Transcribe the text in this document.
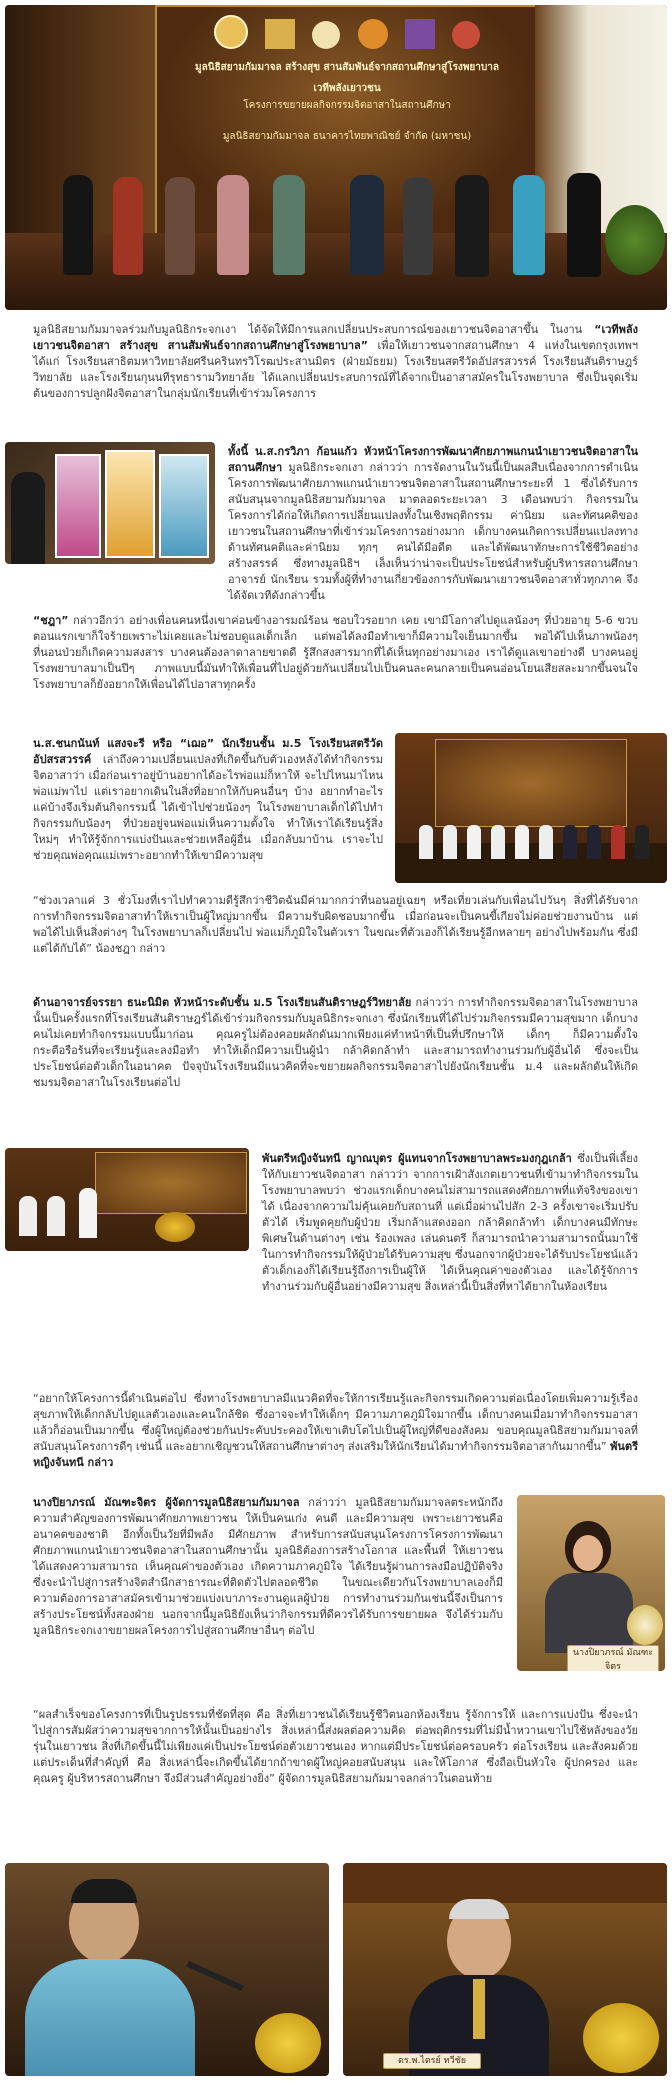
มูลนิธิสยามกัมมาจล สร้างสุข สานสัมพันธ์จากสถานศึกษาสู่โรงพยาบาล
เวทีพลังเยาวชน
โครงการขยายผลกิจกรรมจิตอาสาในสถานศึกษา
มูลนิธิสยามกัมมาจล ธนาคารไทยพาณิชย์ จำกัด (มหาชน)

มูลนิธิสยามกัมมาจลร่วมกับมูลนิธิกระจกเงา ได้จัดให้มีการแลกเปลี่ยนประสบการณ์ของเยาวชนจิตอาสาขึ้น ในงาน “เวทีพลังเยาวชนจิตอาสา สร้างสุข สานสัมพันธ์จากสถานศึกษาสู่โรงพยาบาล” เพื่อให้เยาวชนจากสถานศึกษา 4 แห่งในเขตกรุงเทพฯ ได้แก่ โรงเรียนสาธิตมหาวิทยาลัยศรีนครินทรวิโรฒประสานมิตร (ฝ่ายมัธยม) โรงเรียนสตรีวัดอัปสรสวรรค์ โรงเรียนสันติราษฎร์วิทยาลัย และโรงเรียนกุนนทีรุทธารามวิทยาลัย ได้แลกเปลี่ยนประสบการณ์ที่ได้จากเป็นอาสาสมัครในโรงพยาบาล ซึ่งเป็นจุดเริ่มต้นของการปลูกฝังจิตอาสาในกลุ่มนักเรียนที่เข้าร่วมโครงการ

ทั้งนี้ น.ส.กรวิภา ก้อนแก้ว หัวหน้าโครงการพัฒนาศักยภาพแกนนำเยาวชนจิตอาสาในสถานศึกษา มูลนิธิกระจกเงา กล่าวว่า การจัดงานในวันนี้เป็นผลสืบเนื่องจากการดำเนินโครงการพัฒนาศักยภาพแกนนำเยาวชนจิตอาสาในสถานศึกษาระยะที่ 1 ซึ่งได้รับการสนับสนุนจากมูลนิธิสยามกัมมาจล มาตลอดระยะเวลา 3 เดือนพบว่า กิจกรรมในโครงการได้ก่อให้เกิดการเปลี่ยนแปลงทั้งในเชิงพฤติกรรม ค่านิยม และทัศนคติของเยาวชนในสถานศึกษาที่เข้าร่วมโครงการอย่างมาก เด็กบางคนเกิดการเปลี่ยนแปลงทางด้านทัศนคติและค่านิยม ทุกๆ คนได้มีอดีต และได้พัฒนาทักษะการใช้ชีวิตอย่างสร้างสรรค์ ซึ่งทางมูลนิธิฯ เล็งเห็นว่าน่าจะเป็นประโยชน์สำหรับผู้บริหารสถานศึกษา อาจารย์ นักเรียน รวมทั้งผู้ที่ทำงานเกี่ยวข้องการกับพัฒนาเยาวชนจิตอาสาทั่วทุกภาค จึงได้จัดเวทีดังกล่าวขึ้น

“ชฎา” กล่าวอีกว่า อย่างเพื่อนคนหนึ่งเขาค่อนข้างอารมณ์ร้อน ชอบใวรอยาก เคย เขามีโอกาสไปดูแลน้องๆ ที่ป่วยอายุ 5-6 ขวบ ตอนแรกเขาก็ใจร้ายเพราะไม่เคยและไม่ชอบดูแลเด็กเล็ก แต่พอได้ลงมือทำเขาก็มีความใจเย็นมากขึ้น พอได้ไปเห็นภาพน้องๆ ที่นอนป่วยก็เกิดความสงสาร บางคนต้องลาดาลายขาดดี รู้สึกสงสารมากที่ได้เห็นทุกอย่างมาเอง เราได้ดูแลเขาอย่างดี บางคนอยู่โรงพยาบาลมาเป็นปีๆ ภาพแบบนี้มันทำให้เพื่อนที่ไปอยู่ด้วยกันเปลี่ยนไปเป็นคนละคนกลายเป็นคนอ่อนโยนเสียสละมากขึ้นจนใจโรงพยาบาลก็ยังอยากให้เพื่อนได้ไปอาสาทุกครั้ง

น.ส.ชนกนันท์ แสงจะรี หรือ “เฌอ” นักเรียนชั้น ม.5 โรงเรียนสตรีวัดอัปสรสวรรค์ เล่าถึงความเปลี่ยนแปลงที่เกิดขึ้นกับตัวเองหลังได้ทำกิจกรรมจิตอาสาว่า เมื่อก่อนเราอยู่บ้านอยากได้อะไรพ่อแม่ก็หาให้ จะไปไหนมาไหนพ่อแม่พาไป แต่เราอยากเดินในสิ่งที่อยากให้กับคนอื่นๆ บ้าง อยากทำอะไรแค่บ้างจึงเริ่มต้นกิจกรรมนี้ ได้เข้าไปช่วยน้องๆ ในโรงพยาบาลเด็กได้ไปทำกิจกรรมกับน้องๆ ที่ป่วยอยู่จนพ่อแม่เห็นความตั้งใจ ทำให้เราได้เรียนรู้สิ่งใหม่ๆ ทำให้รู้จักการแบ่งปันและช่วยเหลือผู้อื่น เมื่อกลับมาบ้าน เราจะไปช่วยคุณพ่อคุณแม่เพราะอยากทำให้เขามีความสุข

“ช่วงเวลาแค่ 3 ชั่วโมงที่เราไปทำความดีรู้สึกว่าชีวิตฉันมีค่ามากกว่าที่นอนอยู่เฉยๆ หรือเที่ยวเล่นกับเพื่อนไปวันๆ สิ่งที่ได้รับจากการทำกิจกรรมจิตอาสาทำให้เราเป็นผู้ใหญ่มากขึ้น มีความรับผิดชอบมากขึ้น เมื่อก่อนจะเป็นคนขี้เกียจไม่ค่อยช่วยงานบ้าน แต่พอได้ไปเห็นสิ่งต่างๆ ในโรงพยาบาลก็เปลี่ยนไป พ่อแม่ก็ภูมิใจในตัวเรา ในขณะที่ตัวเองก็ได้เรียนรู้อีกหลายๆ อย่างไปพร้อมกัน ซึ่งมีแต่ได้กับได้” น้องชฎา กล่าว

ด้านอาจารย์จรรยา ธนะนิมิต หัวหน้าระดับชั้น ม.5 โรงเรียนสันติราษฎร์วิทยาลัย กล่าวว่า การทำกิจกรรมจิตอาสาในโรงพยาบาลนั้นเป็นครั้งแรกที่โรงเรียนสันติราษฎร์ได้เข้าร่วมกิจกรรมกับมูลนิธิกระจกเงา ซึ่งนักเรียนที่ได้ไปร่วมกิจกรรมมีความสุขมาก เด็กบางคนไม่เคยทำกิจกรรมแบบนี้มาก่อน คุณครูไม่ต้องคอยผลักดันมากเพียงแค่ทำหน้าที่เป็นที่ปรึกษาให้ เด็กๆ ก็มีความตั้งใจ กระตือรือร้นที่จะเรียนรู้และลงมือทำ ทำให้เด็กมีความเป็นผู้นำ กล้าคิดกล้าทำ และสามารถทำงานร่วมกับผู้อื่นได้ ซึ่งจะเป็นประโยชน์ต่อตัวเด็กในอนาคต ปัจจุบันโรงเรียนมีแนวคิดที่จะขยายผลกิจกรรมจิตอาสาไปยังนักเรียนชั้น ม.4 และผลักดันให้เกิดชมรมจิตอาสาในโรงเรียนต่อไป

พันตรีหญิงจันทนี ญาณบุตร ผู้แทนจากโรงพยาบาลพระมงกุฎเกล้า ซึ่งเป็นพี่เลี้ยงให้กับเยาวชนจิตอาสา กล่าวว่า จากการเฝ้าสังเกตเยาวชนที่เข้ามาทำกิจกรรมในโรงพยาบาลพบว่า ช่วงแรกเด็กบางคนไม่สามารถแสดงศักยภาพที่แท้จริงของเขาได้ เนื่องจากความไม่คุ้นเคยกับสถานที่ แต่เมื่อผ่านไปสัก 2-3 ครั้งเขาจะเริ่มปรับตัวได้ เริ่มพูดคุยกับผู้ป่วย เริ่มกล้าแสดงออก กล้าคิดกล้าทำ เด็กบางคนมีทักษะพิเศษในด้านต่างๆ เช่น ร้องเพลง เล่นดนตรี ก็สามารถนำความสามารถนั้นมาใช้ในการทำกิจกรรมให้ผู้ป่วยได้รับความสุข ซึ่งนอกจากผู้ป่วยจะได้รับประโยชน์แล้ว ตัวเด็กเองก็ได้เรียนรู้ถึงการเป็นผู้ให้ ได้เห็นคุณค่าของตัวเอง และได้รู้จักการทำงานร่วมกับผู้อื่นอย่างมีความสุข สิ่งเหล่านี้เป็นสิ่งที่หาได้ยากในห้องเรียน

“อยากให้โครงการนี้ดำเนินต่อไป ซึ่งทางโรงพยาบาลมีแนวคิดที่จะให้การเรียนรู้และกิจกรรมเกิดความต่อเนื่องโดยเพิ่มความรู้เรื่องสุขภาพให้เด็กกลับไปดูแลตัวเองและคนใกล้ชิด ซึ่งอาจจะทำให้เด็กๆ มีความภาคภูมิใจมากขึ้น เด็กบางคนเมื่อมาทำกิจกรรมอาสาแล้วก็อ่อนเป็นมากขึ้น ซึ่งผู้ใหญ่ต้องช่วยกันประคับประคองให้เขาเติบโตไปเป็นผู้ใหญ่ที่ดีของสังคม ขอบคุณมูลนิธิสยามกัมมาจลที่สนับสนุนโครงการดีๆ เช่นนี้ และอยากเชิญชวนให้สถานศึกษาต่างๆ ส่งเสริมให้นักเรียนได้มาทำกิจกรรมจิตอาสากันมากขึ้น” พันตรีหญิงจันทนี กล่าว

นางปิยาภรณ์ มัณฑะจิตร ผู้จัดการมูลนิธิสยามกัมมาจล กล่าวว่า มูลนิธิสยามกัมมาจลตระหนักถึงความสำคัญของการพัฒนาศักยภาพเยาวชน ให้เป็นคนเก่ง คนดี และมีความสุข เพราะเยาวชนคืออนาคตของชาติ อีกทั้งเป็นวัยที่มีพลัง มีศักยภาพ สำหรับการสนับสนุนโครงการโครงการพัฒนาศักยภาพแกนนำเยาวชนจิตอาสาในสถานศึกษานั้น มูลนิธิต้องการสร้างโอกาส และพื้นที่ ให้เยาวชนได้แสดงความสามารถ เห็นคุณค่าของตัวเอง เกิดความภาคภูมิใจ ได้เรียนรู้ผ่านการลงมือปฏิบัติจริง ซึ่งจะนำไปสู่การสร้างจิตสำนึกสาธารณะที่ติดตัวไปตลอดชีวิต ในขณะเดียวกันโรงพยาบาลเองก็มีความต้องการอาสาสมัครเข้ามาช่วยแบ่งเบาภาระงานดูแลผู้ป่วย การทำงานร่วมกันเช่นนี้จึงเป็นการสร้างประโยชน์ทั้งสองฝ่าย นอกจากนี้มูลนิธิยังเห็นว่ากิจกรรมที่ดีควรได้รับการขยายผล จึงได้ร่วมกับมูลนิธิกระจกเงาขยายผลโครงการไปสู่สถานศึกษาอื่นๆ ต่อไป

นางปิยาภรณ์ มัณฑะจิตร

“ผลสำเร็จของโครงการที่เป็นรูปธรรมที่ชัดที่สุด คือ สิ่งที่เยาวชนได้เรียนรู้ชีวิตนอกห้องเรียน รู้จักการให้ และการแบ่งปัน ซึ่งจะนำไปสู่การสัมผัสว่าความสุขจากการให้นั้นเป็นอย่างไร สิ่งเหล่านี้ส่งผลต่อความคิด ต่อพฤติกรรมที่ไม่มีน้ำหวานเขาไปใช้หลังของวัยรุ่นในเยาวชน สิ่งที่เกิดขึ้นนี้ไม่เพียงแค่เป็นประโยชน์ต่อตัวเยาวชนเอง หากแต่มีประโยชน์ต่อครอบครัว ต่อโรงเรียน และสังคมด้วย แต่ประเด็นที่สำคัญที่ คือ สิ่งเหล่านี้จะเกิดขึ้นได้ยากถ้าขาดผู้ใหญ่คอยสนับสนุน และให้โอกาส ซึ่งถือเป็นหัวใจ ผู้ปกครอง และคุณครู ผู้บริหารสถานศึกษา จึงมีส่วนสำคัญอย่างยิ่ง” ผู้จัดการมูลนิธิสยามกัมมาจลกล่าวในตอนท้าย

ดร.พ.ไตรย์ ทวีชัย
